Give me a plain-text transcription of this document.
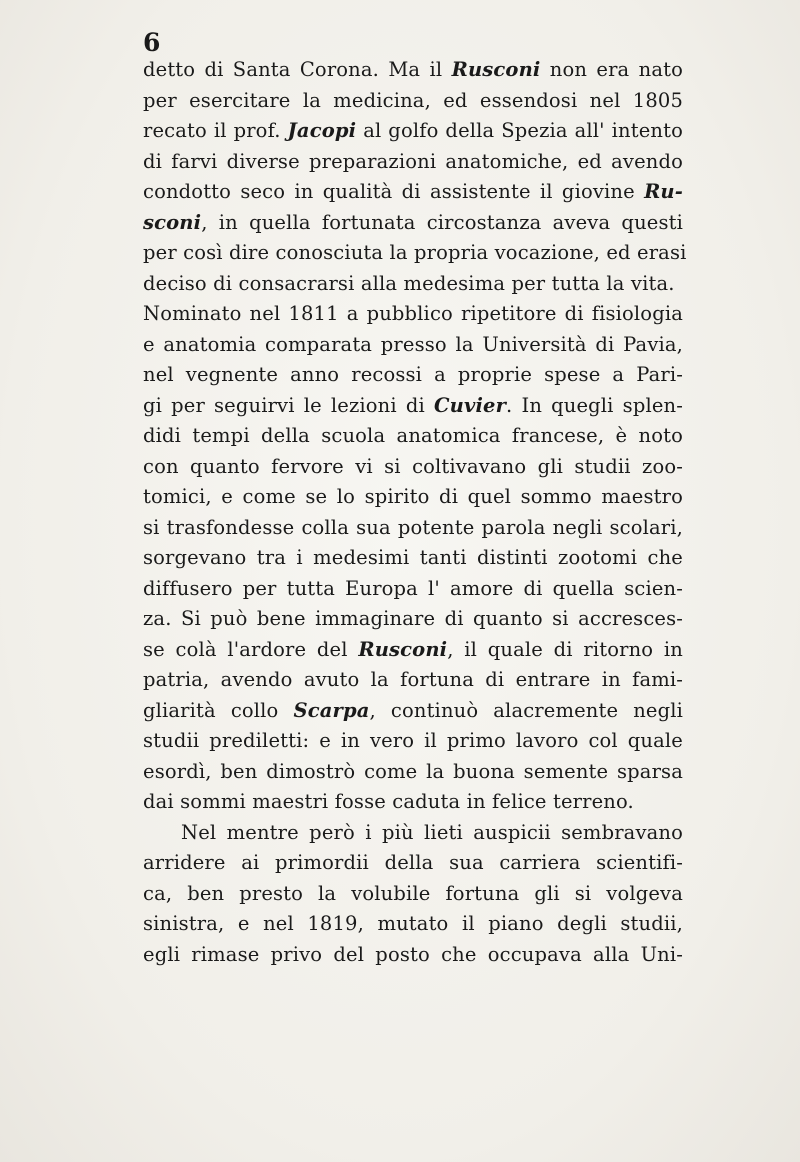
6
detto di Santa Corona. Ma il Rusconi non era nato
per esercitare la medicina, ed essendosi nel 1805
recato il prof. Jacopi al golfo della Spezia all' intento
di farvi diverse preparazioni anatomiche, ed avendo
condotto seco in qualità di assistente il giovine Ru-
sconi, in quella fortunata circostanza aveva questi
per così dire conosciuta la propria vocazione, ed erasi
deciso di consacrarsi alla medesima per tutta la vita.
Nominato nel 1811 a pubblico ripetitore di fisiologia
e anatomia comparata presso la Università di Pavia,
nel vegnente anno recossi a proprie spese a Pari-
gi per seguirvi le lezioni di Cuvier. In quegli splen-
didi tempi della scuola anatomica francese, è noto
con quanto fervore vi si coltivavano gli studii zoo-
tomici, e come se lo spirito di quel sommo maestro
si trasfondesse colla sua potente parola negli scolari,
sorgevano tra i medesimi tanti distinti zootomi che
diffusero per tutta Europa l' amore di quella scien-
za. Si può bene immaginare di quanto si accresces-
se colà l'ardore del Rusconi, il quale di ritorno in
patria, avendo avuto la fortuna di entrare in fami-
gliarità collo Scarpa, continuò alacremente negli
studii prediletti: e in vero il primo lavoro col quale
esordì, ben dimostrò come la buona semente sparsa
dai sommi maestri fosse caduta in felice terreno.
Nel mentre però i più lieti auspicii sembravano
arridere ai primordii della sua carriera scientifi-
ca, ben presto la volubile fortuna gli si volgeva
sinistra, e nel 1819, mutato il piano degli studii,
egli rimase privo del posto che occupava alla Uni-
